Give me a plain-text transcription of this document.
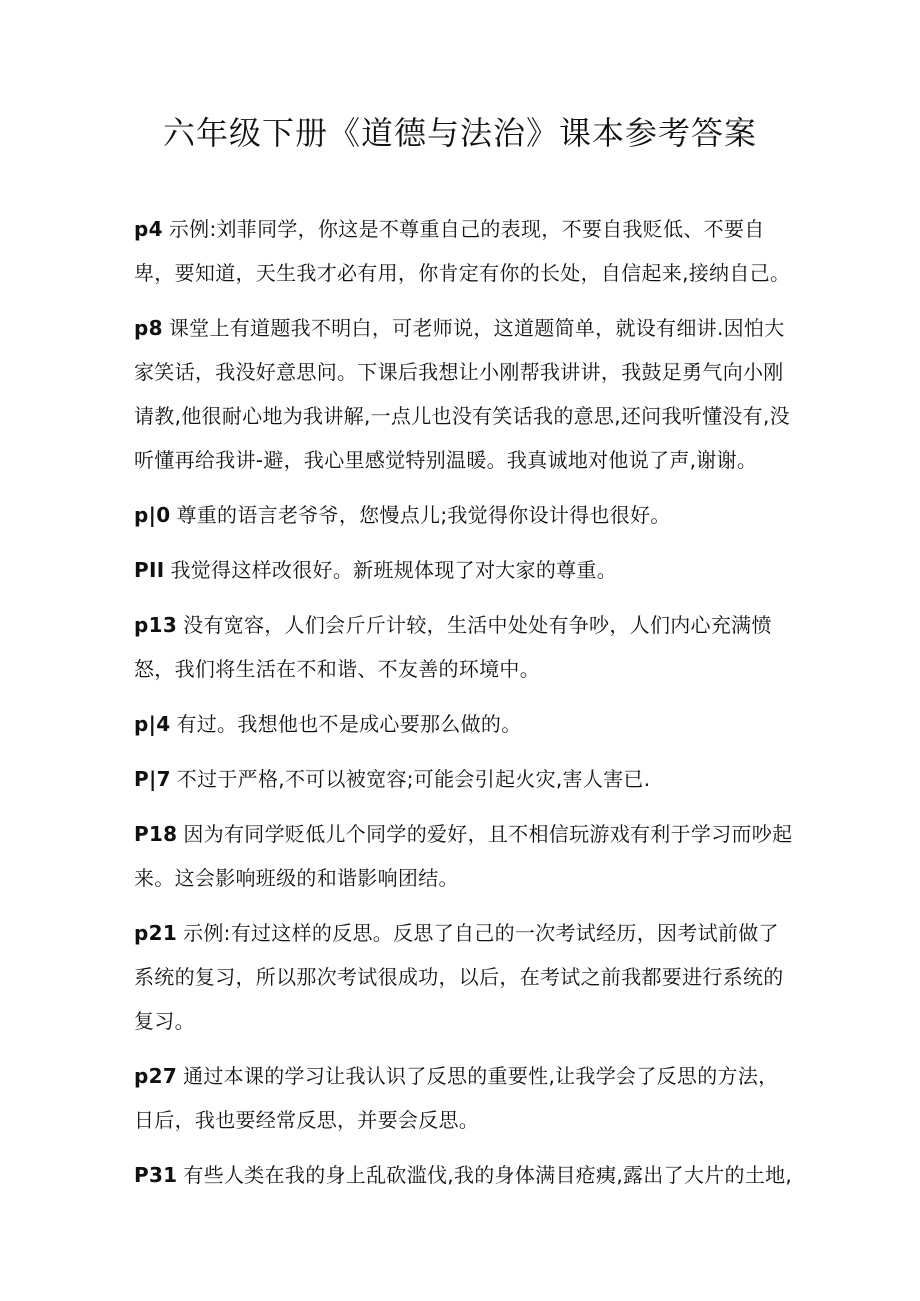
六年级下册《道德与法治》课本参考答案

p4 示例:刘菲同学，你这是不尊重自己的表现，不要自我贬低、不要自卑，要知道，天生我才必有用，你肯定有你的长处，自信起来,接纳自己。

p8 课堂上有道题我不明白，可老师说，这道题简单，就设有细讲.因怕大家笑话，我没好意思问。下课后我想让小刚帮我讲讲，我鼓足勇气向小刚请教,他很耐心地为我讲解,一点儿也没有笑话我的意思,还问我听懂没有,没听懂再给我讲-避，我心里感觉特别温暖。我真诚地对他说了声,谢谢。

p|0 尊重的语言老爷爷，您慢点儿;我觉得你设计得也很好。

PII 我觉得这样改很好。新班规体现了对大家的尊重。

p13 没有宽容，人们会斤斤计较，生活中处处有争吵，人们内心充满愤怒，我们将生活在不和谐、不友善的环境中。

p|4 有过。我想他也不是成心要那么做的。

P|7 不过于严格,不可以被宽容;可能会引起火灾,害人害已.

P18 因为有同学贬低儿个同学的爱好，且不相信玩游戏有利于学习而吵起来。这会影响班级的和谐影响团结。

p21 示例:有过这样的反思。反思了自己的一次考试经历，因考试前做了系统的复习，所以那次考试很成功，以后，在考试之前我都要进行系统的复习。

p27 通过本课的学习让我认识了反思的重要性,让我学会了反思的方法，日后，我也要经常反思，并要会反思。

P31 有些人类在我的身上乱砍滥伐,我的身体满目疮痍,露出了大片的土地,
